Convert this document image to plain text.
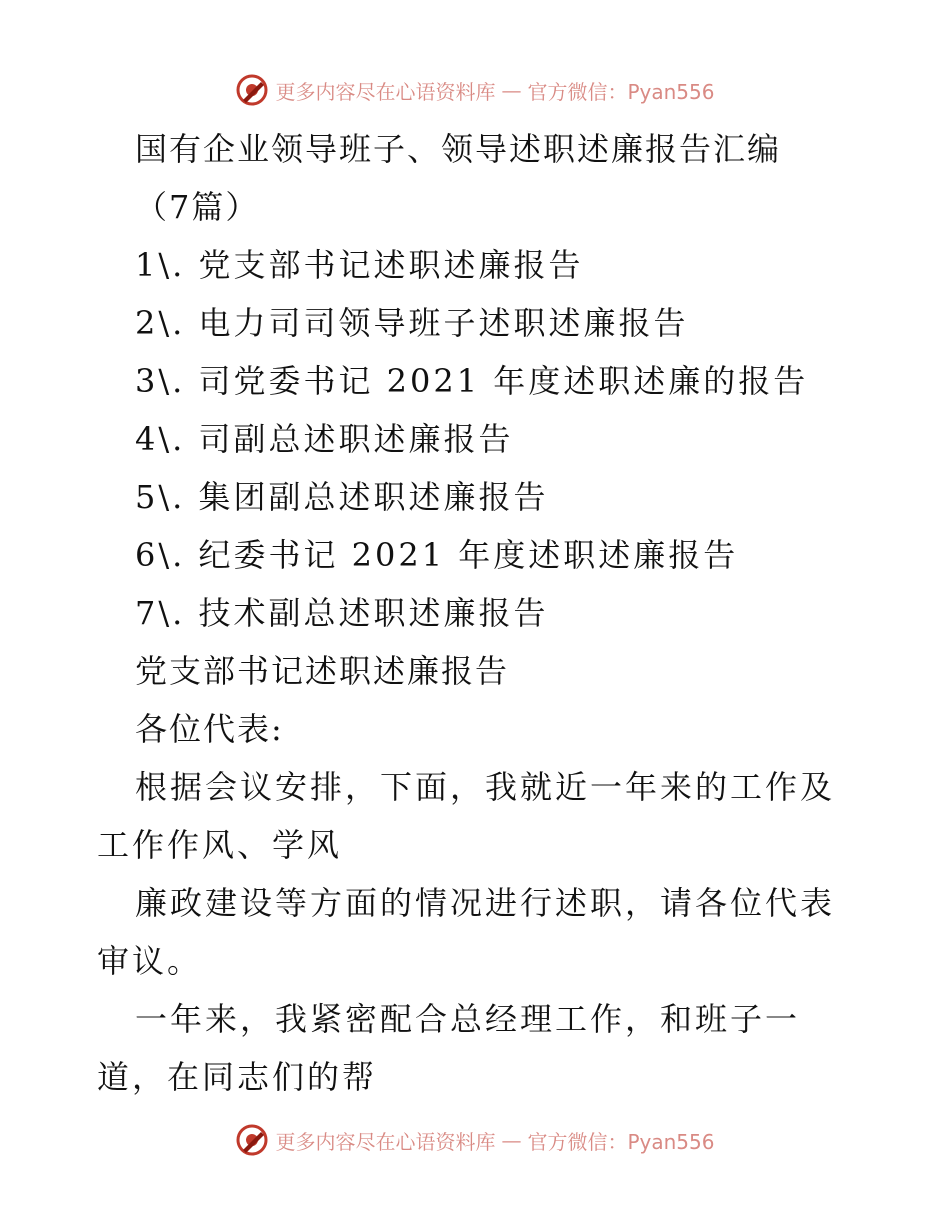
更多内容尽在心语资料库 — 官方微信：Pyan556
国有企业领导班子、领导述职述廉报告汇编
（7篇）
1\. 党支部书记述职述廉报告
2\. 电力司司领导班子述职述廉报告
3\. 司党委书记 2021 年度述职述廉的报告
4\. 司副总述职述廉报告
5\. 集团副总述职述廉报告
6\. 纪委书记 2021 年度述职述廉报告
7\. 技术副总述职述廉报告
党支部书记述职述廉报告
各位代表:
根据会议安排，下面，我就近一年来的工作及工作作风、学风
廉政建设等方面的情况进行述职，请各位代表审议。
一年来，我紧密配合总经理工作，和班子一道，在同志们的帮
更多内容尽在心语资料库 — 官方微信：Pyan556
